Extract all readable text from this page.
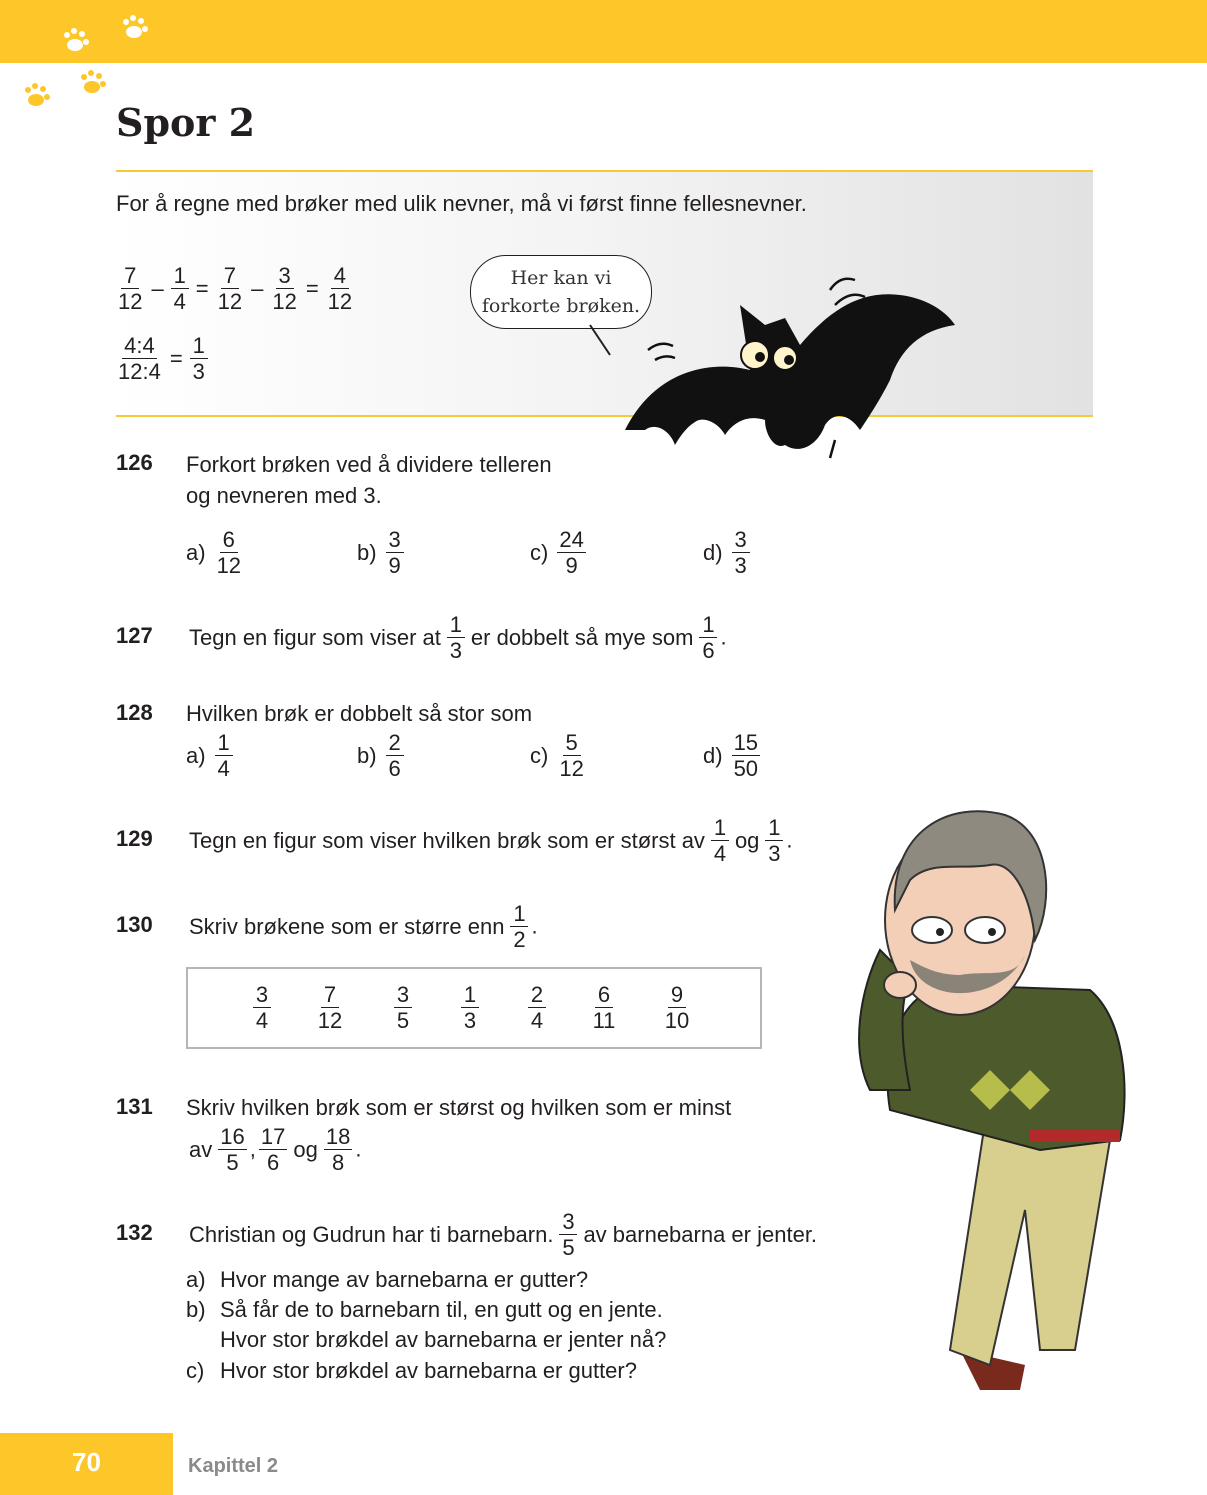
Spor 2
For å regne med brøker med ulik nevner, må vi først finne fellesnevner.
$\frac{7}{12} - \frac{1}{4} = \frac{7}{12} - \frac{3}{12} = \frac{4}{12}$
$\frac{4:4}{12:4} = \frac{1}{3}$
Her kan vi
forkorte brøken.
126 Forkort brøken ved å dividere telleren
og nevneren med 3.
$a) \frac{6}{12}$	$b) \frac{3}{9}$	$c) \frac{24}{9}$	$d) \frac{3}{3}$
127 Tegn en figur som viser at $\frac{1}{3}$ er dobbelt så mye som $\frac{1}{6}$ .
128 Hvilken brøk er dobbelt så stor som
$a) \frac{1}{4}$	$b) \frac{2}{6}$	$c) \frac{5}{12}$	$d) \frac{15}{50}$
129 Tegn en figur som viser hvilken brøk som er størst av $\frac{1}{4}$ og $\frac{1}{3}$ .
130 Skriv brøkene som er større enn $\frac{1}{2}$ .
$\frac{3}{4} \frac{7}{12} \frac{3}{5} \frac{1}{3} \frac{2}{4} \frac{6}{11} \frac{9}{10}$
131 Skriv hvilken brøk som er størst og hvilken som er minst
av $\frac{16}{5}$ , $\frac{17}{6}$ og $\frac{18}{8}$ .
132 Christian og Gudrun har ti barnebarn. $\frac{3}{5}$ av barnebarna er jenter.
a) Hvor mange av barnebarna er gutter?
b) Så får de to barnebarn til, en gutt og en jente.
Hvor stor brøkdel av barnebarna er jenter nå?
c) Hvor stor brøkdel av barnebarna er gutter?
70	Kapittel 2
